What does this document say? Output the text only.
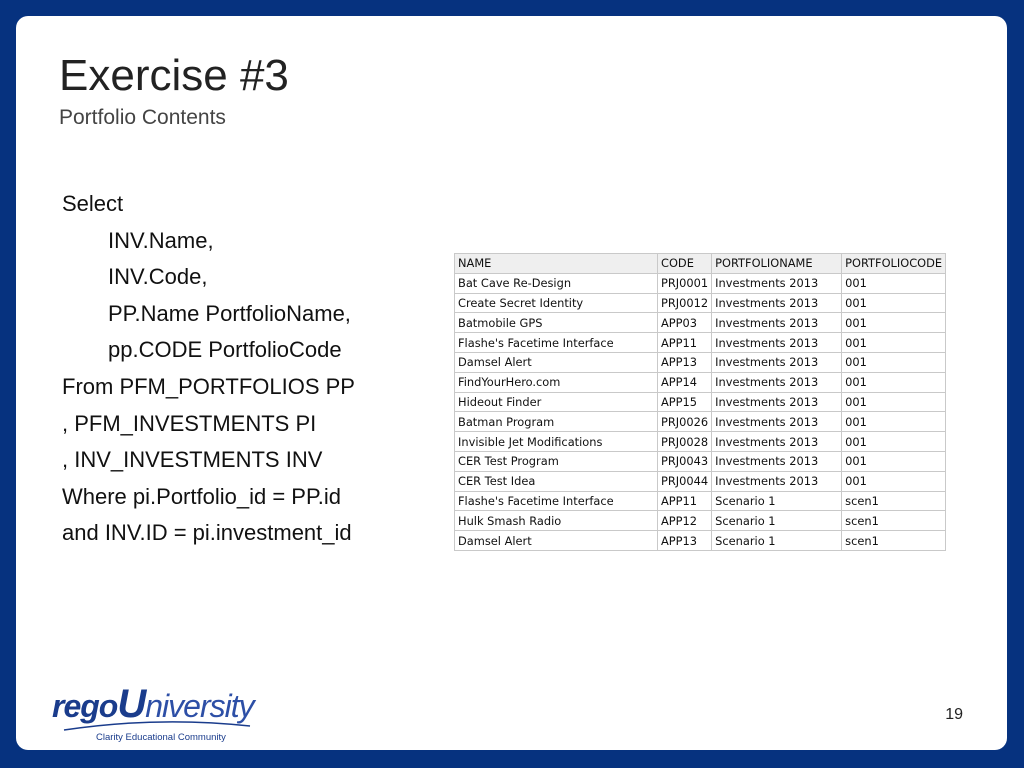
Exercise #3
Portfolio Contents
Select
INV.Name,
INV.Code,
PP.Name PortfolioName,
pp.CODE PortfolioCode
From PFM_PORTFOLIOS PP
, PFM_INVESTMENTS PI
, INV_INVESTMENTS INV
Where pi.Portfolio_id = PP.id
and INV.ID = pi.investment_id
NAME	CODE	PORTFOLIONAME	PORTFOLIOCODE
Bat Cave Re-Design	PRJ0001	Investments 2013	001
Create Secret Identity	PRJ0012	Investments 2013	001
Batmobile GPS	APP03	Investments 2013	001
Flashe's Facetime Interface	APP11	Investments 2013	001
Damsel Alert	APP13	Investments 2013	001
FindYourHero.com	APP14	Investments 2013	001
Hideout Finder	APP15	Investments 2013	001
Batman Program	PRJ0026	Investments 2013	001
Invisible Jet Modifications	PRJ0028	Investments 2013	001
CER Test Program	PRJ0043	Investments 2013	001
CER Test Idea	PRJ0044	Investments 2013	001
Flashe's Facetime Interface	APP11	Scenario 1	scen1
Hulk Smash Radio	APP12	Scenario 1	scen1
Damsel Alert	APP13	Scenario 1	scen1
regoUniversity
Clarity Educational Community
19
